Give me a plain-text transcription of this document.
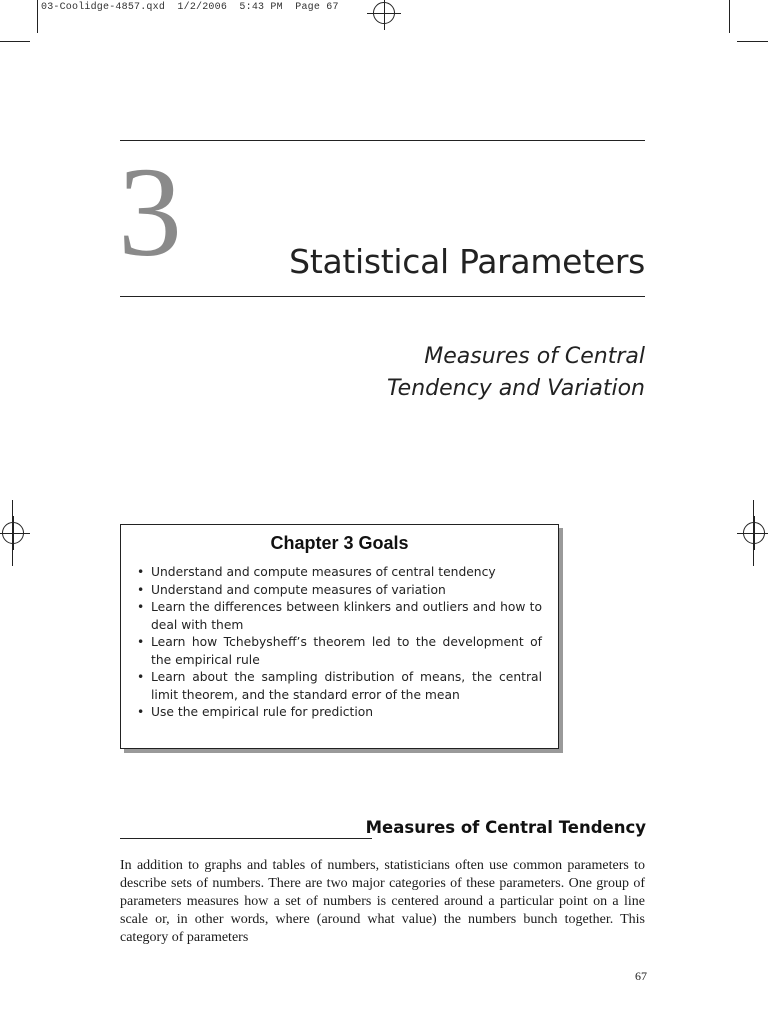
03-Coolidge-4857.qxd  1/2/2006  5:43 PM  Page 67
3	Statistical Parameters
Measures of Central
Tendency and Variation
Chapter 3 Goals
• Understand and compute measures of central tendency
• Understand and compute measures of variation
• Learn the differences between klinkers and outliers and how to deal with them
• Learn how Tchebysheff’s theorem led to the development of the empirical rule
• Learn about the sampling distribution of means, the central limit theorem, and the standard error of the mean
• Use the empirical rule for prediction
Measures of Central Tendency

In addition to graphs and tables of numbers, statisticians often use common parameters to describe sets of numbers. There are two major categories of these parameters. One group of parameters measures how a set of numbers is centered around a particular point on a line scale or, in other words, where (around what value) the numbers bunch together. This category of parameters

67
